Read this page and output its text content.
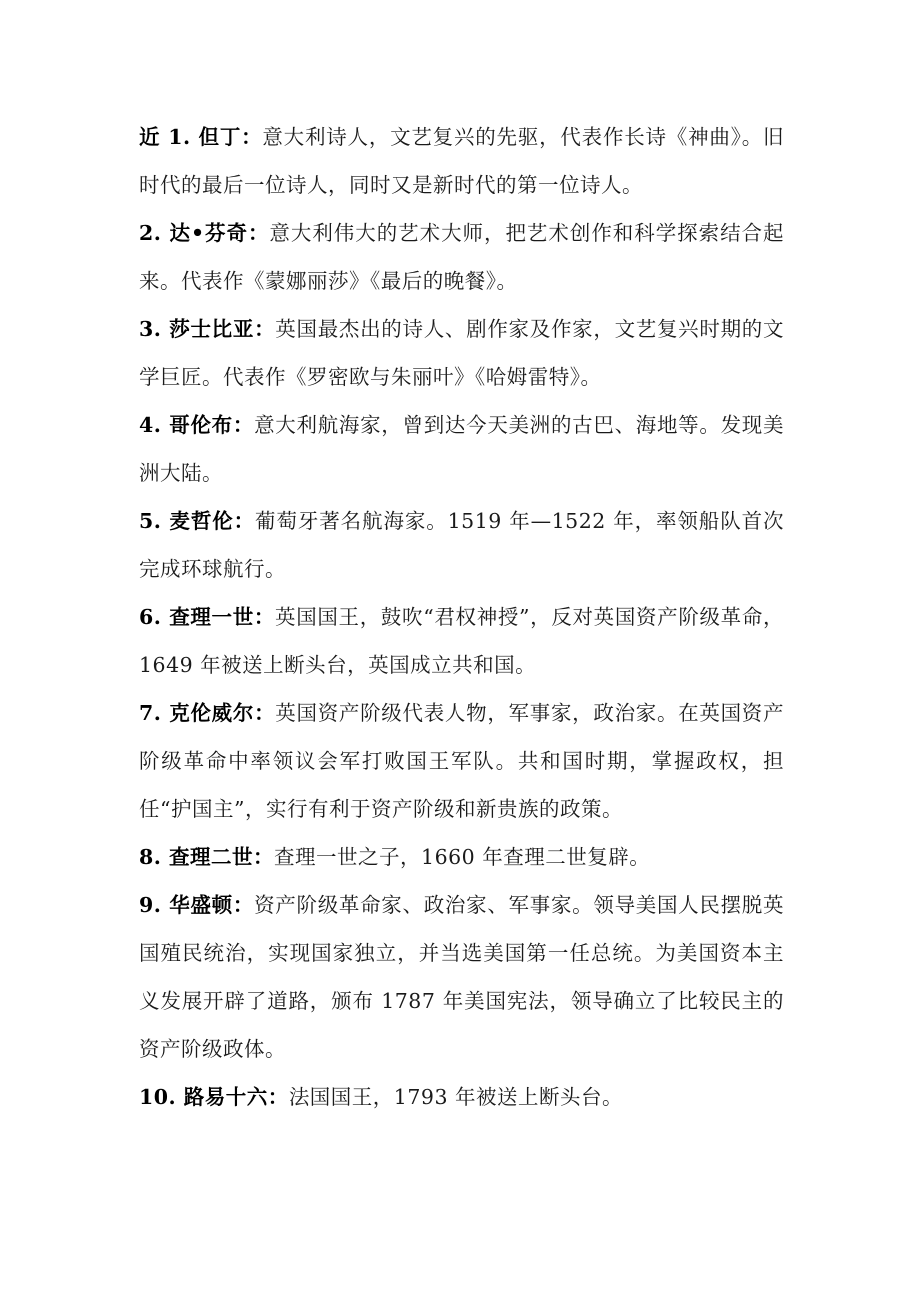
近 1. 但丁：意大利诗人，文艺复兴的先驱，代表作长诗《神曲》。旧时代的最后一位诗人，同时又是新时代的第一位诗人。

2. 达•芬奇：意大利伟大的艺术大师，把艺术创作和科学探索结合起来。代表作《蒙娜丽莎》《最后的晚餐》。

3. 莎士比亚：英国最杰出的诗人、剧作家及作家，文艺复兴时期的文学巨匠。代表作《罗密欧与朱丽叶》《哈姆雷特》。

4. 哥伦布：意大利航海家，曾到达今天美洲的古巴、海地等。发现美洲大陆。

5. 麦哲伦：葡萄牙著名航海家。1519 年—1522 年，率领船队首次完成环球航行。

6. 查理一世：英国国王，鼓吹“君权神授”，反对英国资产阶级革命，1649 年被送上断头台，英国成立共和国。

7. 克伦威尔：英国资产阶级代表人物，军事家，政治家。在英国资产阶级革命中率领议会军打败国王军队。共和国时期，掌握政权，担任“护国主”，实行有利于资产阶级和新贵族的政策。

8. 查理二世：查理一世之子，1660 年查理二世复辟。

9. 华盛顿：资产阶级革命家、政治家、军事家。领导美国人民摆脱英国殖民统治，实现国家独立，并当选美国第一任总统。为美国资本主义发展开辟了道路，颁布 1787 年美国宪法，领导确立了比较民主的资产阶级政体。

10. 路易十六：法国国王，1793 年被送上断头台。
